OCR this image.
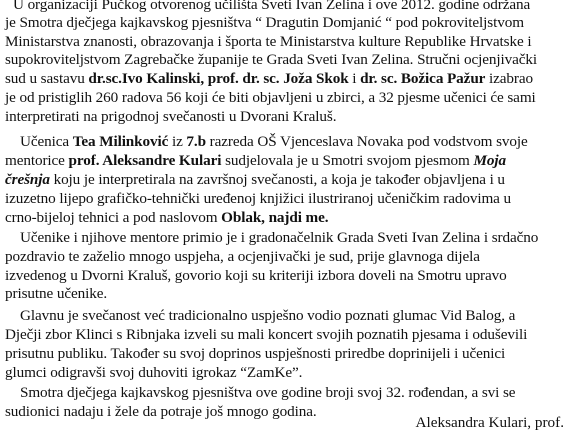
U organizaciji Pučkog otvorenog učilišta Sveti Ivan Zelina i ove 2012. godine održana
je Smotra dječjega kajkavskog pjesništva “ Dragutin Domjanić “ pod pokroviteljstvom
Ministarstva znanosti, obrazovanja i športa te Ministarstva kulture Republike Hrvatske i
supokroviteljstvom Zagrebačke županije te Grada Sveti Ivan Zelina. Stručni ocjenjivački
sud u sastavu dr.sc.Ivo Kalinski, prof. dr. sc. Joža Skok i dr. sc. Božica Pažur izabrao
je od pristiglih 260 radova 56 koji će biti objavljeni u zbirci, a 32 pjesme učenici će sami
interpretirati na prigodnoj svečanosti u Dvorani Kraluš.
Učenica Tea Milinković iz 7.b razreda OŠ Vjenceslava Novaka pod vodstvom svoje
mentorice prof. Aleksandre Kulari sudjelovala je u Smotri svojom pjesmom Moja
črešnja koju je interpretirala na završnoj svečanosti, a koja je također objavljena i u
izuzetno lijepo grafičko-tehnički uređenoj knjižici ilustriranoj učeničkim radovima u
crno-bijeloj tehnici a pod naslovom Oblak, najdi me.
Učenike i njihove mentore primio je i gradonačelnik Grada Sveti Ivan Zelina i srdačno
pozdravio te zaželio mnogo uspjeha, a ocjenjivački je sud, prije glavnoga dijela
izvedenog u Dvorni Kraluš, govorio koji su kriteriji izbora doveli na Smotru upravo
prisutne učenike.
Glavnu je svečanost već tradicionalno uspješno vodio poznati glumac Vid Balog, a
Dječji zbor Klinci s Ribnjaka izveli su mali koncert svojih poznatih pjesama i oduševili
prisutnu publiku. Također su svoj doprinos uspješnosti priredbe doprinijeli i učenici
glumci odigravši svoj duhoviti igrokaz “ZamKe”.
Smotra dječjega kajkavskog pjesništva ove godine broji svoj 32. rođendan, a svi se
sudionici nadaju i žele da potraje još mnogo godina.
Aleksandra Kulari, prof.
